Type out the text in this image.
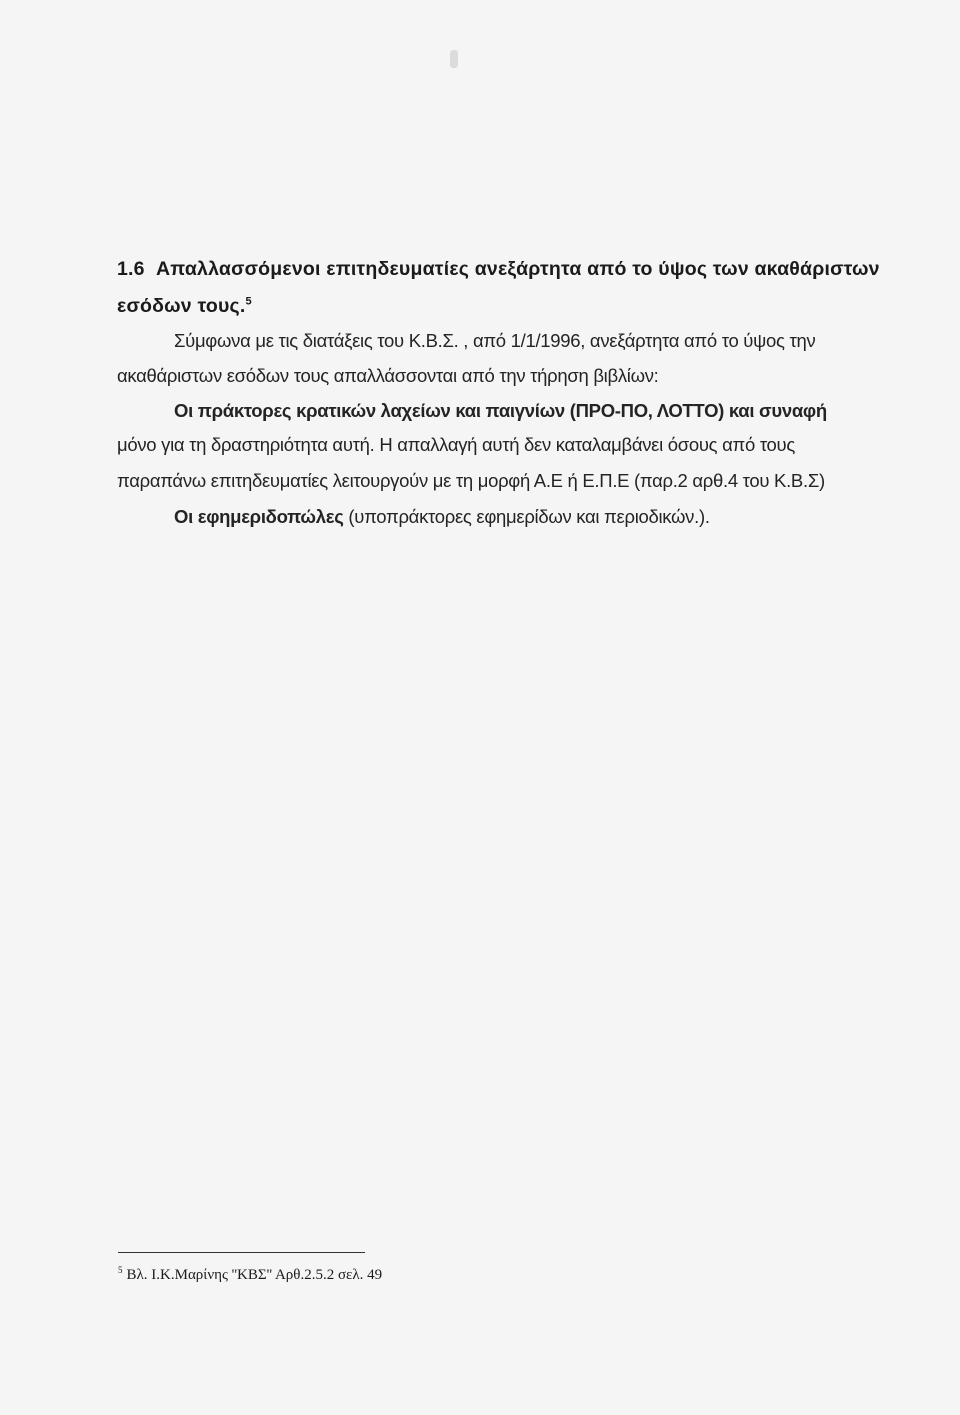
1.6 Απαλλασσόμενοι επιτηδευματίες ανεξάρτητα από το ύψος των ακαθάριστων
εσόδων τους.$^5$
Σύμφωνα με τις διατάξεις του Κ.Β.Σ. , από 1/1/1996, ανεξάρτητα από το ύψος την
ακαθάριστων εσόδων τους απαλλάσσονται από την τήρηση βιβλίων:
Οι πράκτορες κρατικών λαχείων και παιγνίων (ΠΡΟ-ΠΟ, ΛΟΤΤΟ) και συναφή
μόνο για τη δραστηριότητα αυτή. Η απαλλαγή αυτή δεν καταλαμβάνει όσους από τους
παραπάνω επιτηδευματίες λειτουργούν με τη μορφή Α.Ε ή Ε.Π.Ε (παρ.2 αρθ.4 του Κ.Β.Σ)
Οι εφημεριδοπώλες (υποπράκτορες εφημερίδων και περιοδικών.).
$^5$ Βλ. Ι.Κ.Μαρίνης ''ΚΒΣ'' Αρθ.2.5.2 σελ. 49
